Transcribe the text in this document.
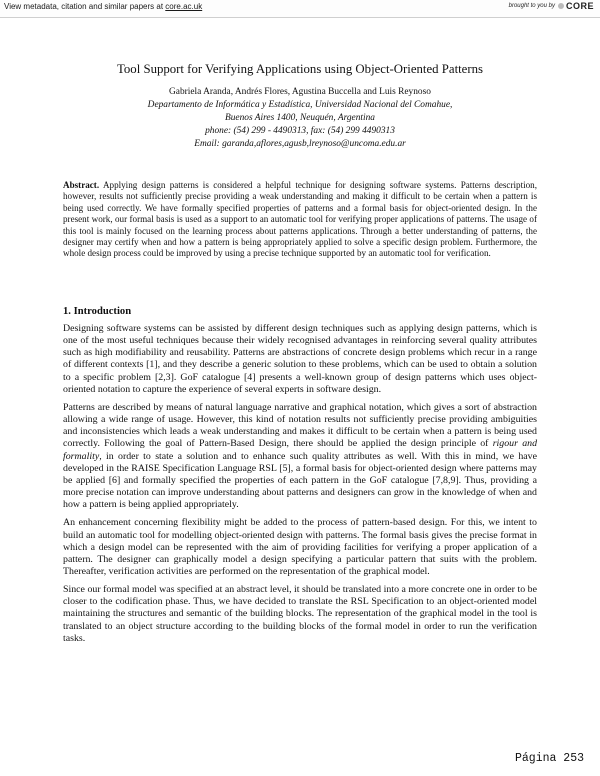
View metadata, citation and similar papers at core.ac.uk	brought to you by CORE
Tool Support for Verifying Applications using Object-Oriented Patterns
Gabriela Aranda, Andrés Flores, Agustina Buccella and Luis Reynoso
Departamento de Informática y Estadística, Universidad Nacional del Comahue,
Buenos Aires 1400, Neuquén, Argentina
phone: (54) 299 - 4490313, fax: (54) 299 4490313
Email: garanda,aflores,agusb,lreynoso@uncoma.edu.ar
Abstract. Applying design patterns is considered a helpful technique for designing software systems. Patterns description, however, results not sufficiently precise providing a weak understanding and making it difficult to be certain when a pattern is being used correctly. We have formally specified properties of patterns and a formal basis for object-oriented design. In the present work, our formal basis is used as a support to an automatic tool for verifying proper applications of patterns. The usage of this tool is mainly focused on the learning process about patterns applications. Through a better understanding of patterns, the designer may certify when and how a pattern is being appropriately applied to solve a specific design problem. Furthermore, the whole design process could be improved by using a precise technique supported by an automatic tool for verification.
1. Introduction

Designing software systems can be assisted by different design techniques such as applying design patterns, which is one of the most useful techniques because their widely recognised advantages in reinforcing several quality attributes such as high modifiability and reusability. Patterns are abstractions of concrete design problems which recur in a range of different contexts [1], and they describe a generic solution to these problems, which can be used to obtain a solution to a specific problem [2,3]. GoF catalogue [4] presents a well-known group of design patterns which uses object-oriented notation to capture the experience of several experts in software design.

Patterns are described by means of natural language narrative and graphical notation, which gives a sort of abstraction allowing a wide range of usage. However, this kind of notation results not sufficiently precise providing ambiguities and inconsistencies which leads a weak understanding and makes it difficult to be certain when a pattern is being used correctly. Following the goal of Pattern-Based Design, there should be applied the design principle of rigour and formality, in order to state a solution and to enhance such quality attributes as well. With this in mind, we have developed in the RAISE Specification Language RSL [5], a formal basis for object-oriented design where patterns may be applied [6] and formally specified the properties of each pattern in the GoF catalogue [7,8,9]. Thus, providing a more precise notation can improve understanding about patterns and designers can grow in the knowledge of when and how a pattern is being applied appropriately.

An enhancement concerning flexibility might be added to the process of pattern-based design. For this, we intent to build an automatic tool for modelling object-oriented design with patterns. The formal basis gives the precise format in which a design model can be represented with the aim of providing facilities for verifying a proper application of a pattern. The designer can graphically model a design specifying a particular pattern that suits with the problem. Thereafter, verification activities are performed on the representation of the graphical model.

Since our formal model was specified at an abstract level, it should be translated into a more concrete one in order to be closer to the codification phase. Thus, we have decided to translate the RSL Specification to an object-oriented model maintaining the structures and semantic of the building blocks. The representation of the graphical model in the tool is translated to an object structure according to the building blocks of the formal model in order to run the verification tasks.

Página 253
